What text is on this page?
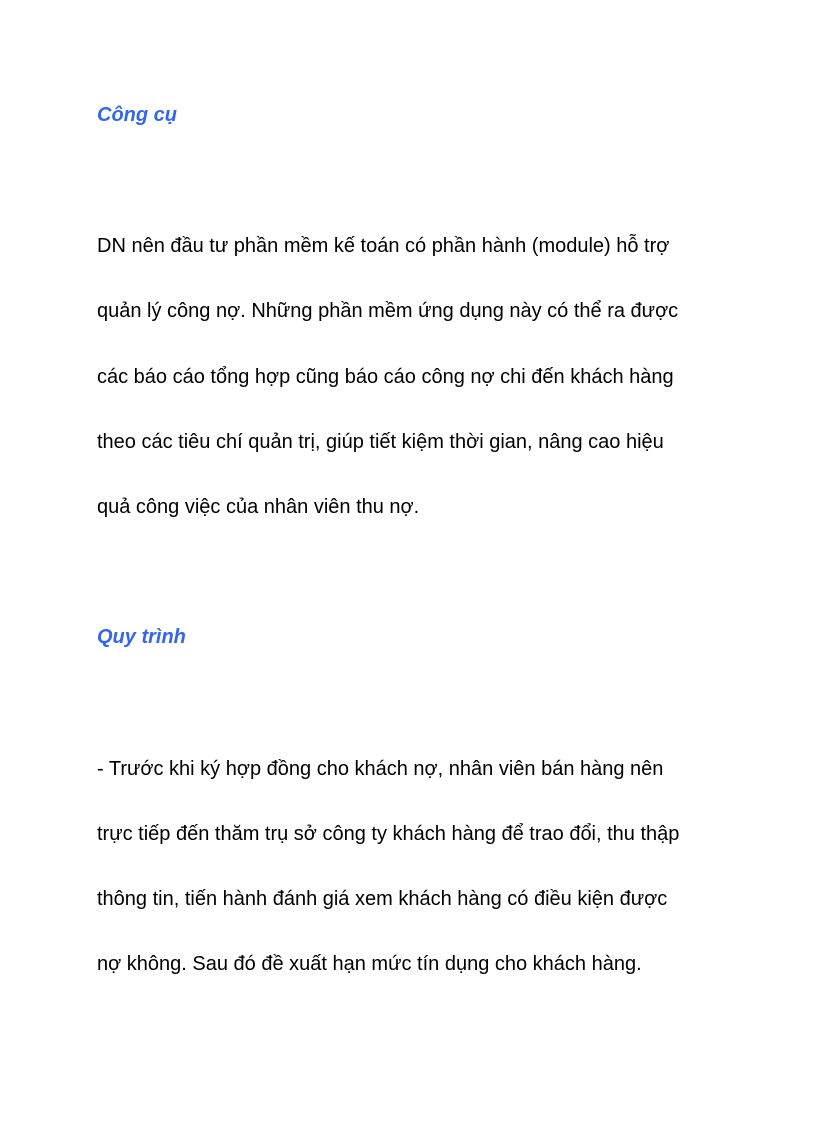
Công cụ

DN nên đầu tư phần mềm kế toán có phần hành (module) hỗ trợ

quản lý công nợ. Những phần mềm ứng dụng này có thể ra được

các báo cáo tổng hợp cũng báo cáo công nợ chi đến khách hàng

theo các tiêu chí quản trị, giúp tiết kiệm thời gian, nâng cao hiệu

quả công việc của nhân viên thu nợ.

Quy trình

- Trước khi ký hợp đồng cho khách nợ, nhân viên bán hàng nên

trực tiếp đến thăm trụ sở công ty khách hàng để trao đổi, thu thập

thông tin, tiến hành đánh giá xem khách hàng có điều kiện được

nợ không. Sau đó đề xuất hạn mức tín dụng cho khách hàng.
